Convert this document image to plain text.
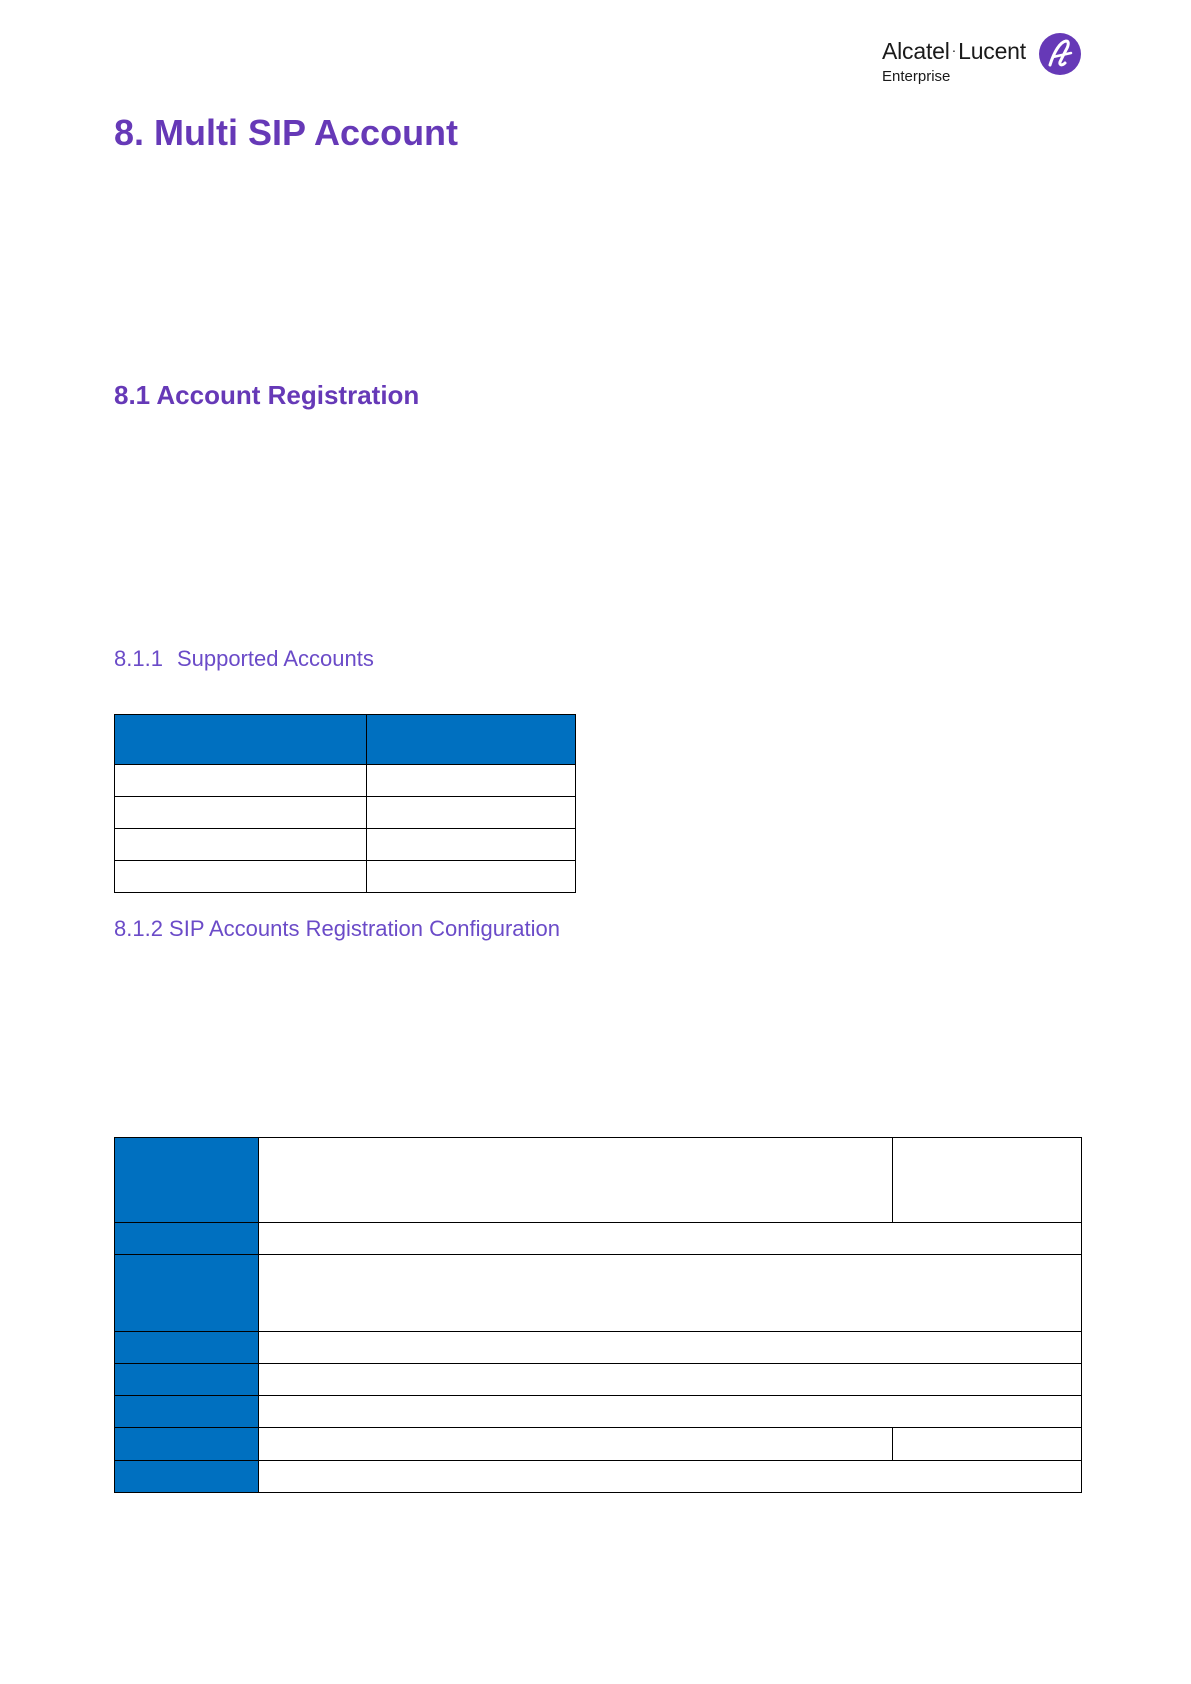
Alcatel ·Lucent
Enterprise
8. Multi SIP Account
8.1 Account Registration
8.1.1 Supported Accounts

8.1.2 SIP Accounts Registration Configuration
